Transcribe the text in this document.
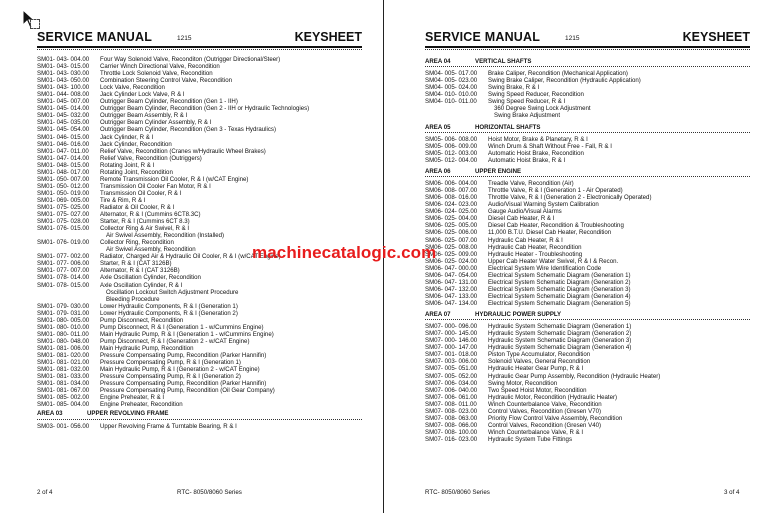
SERVICE MANUAL	1215	KEYSHEET
SM01- 043- 004.00	Four Way Solenoid Valve, Reconditon (Outrigger Directional/Steer)
SM01- 043- 015.00	Carrier Winch Directional Valve, Recondition
SM01- 043- 030.00	Throttle Lock Solenoid Valve, Recondition
SM01- 043- 050.00	Combination Steering Control Valve, Recondition
SM01- 043- 100.00	Lock Valve, Recondition
SM01- 044- 008.00	Jack Cylinder Lock Valve, R & I
SM01- 045- 007.00	Outrigger Beam Cylinder, Recondition (Gen 1 - IIH)
SM01- 045- 014.00	Outrigger Beam Cylinder, Recondition (Gen 2 - IIH or Hydraulic Technologies)
SM01- 045- 032.00	Outrigger Beam Assembly, R & I
SM01- 045- 035.00	Outrigger Beam Cylinder Assembly, R & I
SM01- 045- 054.00	Outrigger Beam Cylinder, Recondition (Gen 3 - Texas Hydraulics)
SM01- 046- 015.00	Jack Cylinder, R & I
SM01- 046- 016.00	Jack Cylinder, Recondition
SM01- 047- 011.00	Relief Valve, Recondition (Cranes w/Hydraulic Wheel Brakes)
SM01- 047- 014.00	Relief Valve, Recondition (Outriggers)
SM01- 048- 015.00	Rotating Joint, R & I
SM01- 048- 017.00	Rotating Joint, Recondition
SM01- 050- 007.00	Remote Transmission Oil Cooler, R & I (w/CAT Engine)
SM01- 050- 012.00	Transmission Oil Cooler Fan Motor, R & I
SM01- 050- 019.00	Transmission Oil Cooler, R & I
SM01- 069- 005.00	Tire & Rim, R & I
SM01- 075- 025.00	Radiator & Oil Cooler, R & I
SM01- 075- 027.00	Alternator, R & I (Cummins 6CT8.3C)
SM01- 075- 028.00	Starter, R & I (Cummins 6CT 8.3)
SM01- 076- 015.00	Collector Ring & Air Swivel, R & I
Air Swivel Assembly, Recondition (Installed)
SM01- 076- 019.00	Collector Ring, Recondition
Air Swivel Assembly, Recondition
SM01- 077- 002.00	Radiator, Charged Air & Hydraulic Oil Cooler, R & I (w/CAT Engine)
SM01- 077- 006.00	Starter, R & I (CAT 3126B)
SM01- 077- 007.00	Alternator, R & I (CAT 3126B)
SM01- 078- 014.00	Axle Oscillation Cylinder, Recondition
SM01- 078- 015.00	Axle Oscillation Cylinder, R & I
Oscillation Lockout Switch Adjustment Procedure
Bleeding Procedure
SM01- 079- 030.00	Lower Hydraulic Components, R & I (Generation 1)
SM01- 079- 031.00	Lower Hydraulic Components, R & I (Generation 2)
SM01- 080- 005.00	Pump Disconnect, Recondition
SM01- 080- 010.00	Pump Disconnect, R & I (Generation 1 - w/Cummins Engine)
SM01- 080- 011.00	Main Hydraulic Pump, R & I (Generation 1 - w/Cummins Engine)
SM01- 080- 048.00	Pump Disconnect, R & I (Generation 2 - w/CAT Engine)
SM01- 081- 006.00	Main Hydraulic Pump, Recondition
SM01- 081- 020.00	Pressure Compensating Pump, Recondition (Parker Hannifin)
SM01- 081- 021.00	Pressure Compensating Pump, R & I (Generation 1)
SM01- 081- 032.00	Main Hydraulic Pump, R & I (Generation 2 - w/CAT Engine)
SM01- 081- 033.00	Pressure Compensating Pump, R & I (Generation 2)
SM01- 081- 034.00	Pressure Compensating Pump, Recondition (Parker Hannifin)
SM01- 081- 067.00	Pressure Compensating Pump, Recondition (Oil Gear Company)
SM01- 085- 002.00	Engine Preheater, R & I
SM01- 085- 004.00	Engine Preheater, Recondition
AREA 03	UPPER REVOLVING FRAME
SM03- 001- 056.00	Upper Revolving Frame & Turntable Bearing, R & I
SERVICE MANUAL	1215	KEYSHEET
AREA 04	VERTICAL SHAFTS
SM04- 005- 017.00	Brake Caliper, Recondition (Mechanical Application)
SM04- 005- 023.00	Swing Brake Caliper, Recondition (Hydraulic Application)
SM04- 005- 024.00	Swing Brake, R & I
SM04- 010- 010.00	Swing Speed Reducer, Recondition
SM04- 010- 011.00	Swing Speed Reducer, R & I
360 Degree Swing Lock Adjustment
Swing Brake Adjustment
AREA 05	HORIZONTAL SHAFTS
SM05- 006- 008.00	Hoist Motor, Brake & Planetary, R & I
SM05- 006- 009.00	Winch Drum & Shaft Without Free - Fall, R & I
SM05- 012- 003.00	Automatic Hoist Brake, Recondition
SM05- 012- 004.00	Automatic Hoist Brake, R & I
AREA 06	UPPER ENGINE
SM06- 006- 004.00	Treadle Valve, Recondition (Air)
SM06- 008- 007.00	Throttle Valve, R & I (Generation 1 - Air Operated)
SM06- 008- 016.00	Throttle Valve, R & I (Generation 2 - Electronically Operated)
SM06- 024- 023.00	Audio/Visual Warning System Calibration
SM06- 024- 025.00	Gauge Audio/Visual Alarms
SM06- 025- 004.00	Diesel Cab Heater, R & I
SM06- 025- 005.00	Diesel Cab Heater, Recondition & Troubleshooting
SM06- 025- 006.00	11,000 B.T.U. Diesel Cab Heater, Recondition
SM06- 025- 007.00	Hydraulic Cab Heater, R & I
SM06- 025- 008.00	Hydraulic Cab Heater, Recondition
SM06- 025- 009.00	Hydraulic Heater - Troubleshooting
SM06- 025- 024.00	Upper Cab Heater Water Swivel, R & I & Recon.
SM06- 047- 000.00	Electrical System Wire Identification Code
SM06- 047- 054.00	Electrical System Schematic Diagram (Generation 1)
SM06- 047- 131.00	Electrical System Schematic Diagram (Generation 2)
SM06- 047- 132.00	Electrical System Schematic Diagram (Generation 3)
SM06- 047- 133.00	Electrical System Schematic Diagram (Generation 4)
SM06- 047- 134.00	Electrical System Schematic Diagram (Generation 5)
AREA 07	HYDRAULIC POWER SUPPLY
SM07- 000- 096.00	Hydraulic System Schematic Diagram (Generation 1)
SM07- 000- 145.00	Hydraulic System Schematic Diagram (Generation 2)
SM07- 000- 146.00	Hydraulic System Schematic Diagram (Generation 3)
SM07- 000- 147.00	Hydraulic System Schematic Diagram (Generation 4)
SM07- 001- 018.00	Piston Type Accumulator, Recondition
SM07- 003- 006.00	Solenoid Valves, General Recondition
SM07- 005- 051.00	Hydraulic Heater Gear Pump, R & I
SM07- 005- 052.00	Hydraulic Gear Pump Assembly, Recondition (Hydraulic Heater)
SM07- 006- 034.00	Swing Motor, Recondition
SM07- 006- 040.00	Two Speed Hoist Motor, Recondition
SM07- 006- 061.00	Hydraulic Motor, Recondition (Hydraulic Heater)
SM07- 008- 011.00	Winch Counterbalance Valve, Recondition
SM07- 008- 023.00	Control Valves, Recondition (Gresen V70)
SM07- 008- 063.00	Priority Flow Control Valve Assembly, Recondition
SM07- 008- 066.00	Control Valves, Recondition (Gresen V40)
SM07- 008- 100.00	Winch Counterbalance Valve, R & I
SM07- 016- 023.00	Hydraulic System Tube Fittings
machinecatalogic.com
2 of 4	RTC- 8050/8060 Series	RTC- 8050/8060 Series	3 of 4
